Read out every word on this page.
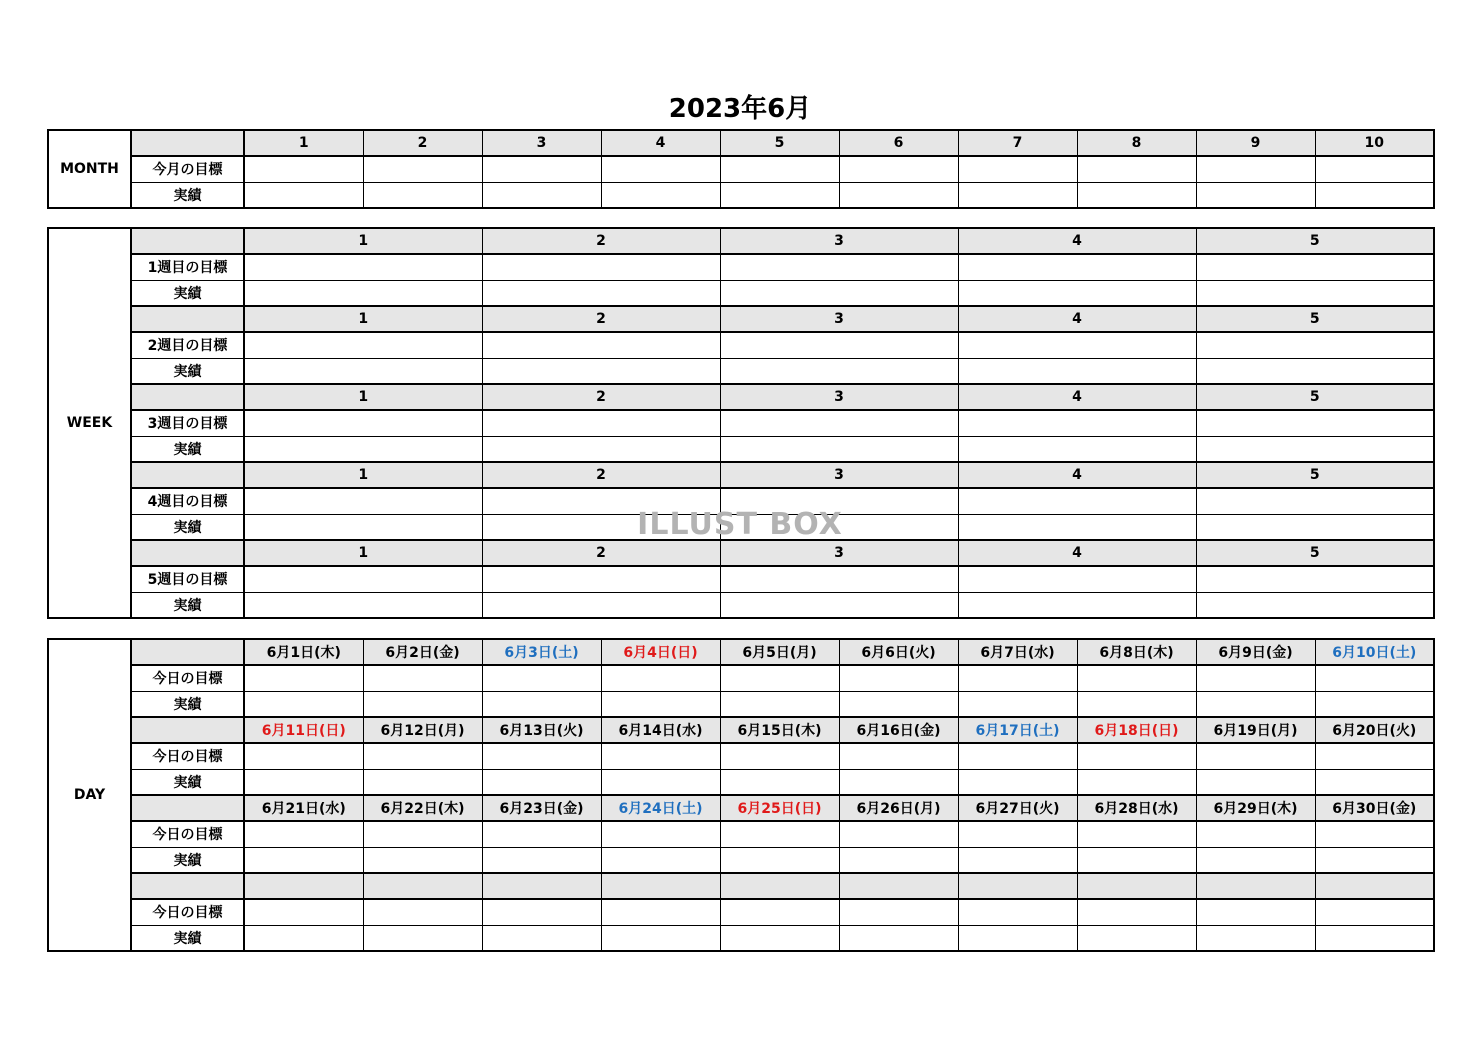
2023年6月
MONTH		1	2	3	4	5	6	7	8	9	10
	今月の目標										
	実績										
WEEK		1	2	3	4	5
	1週目の目標					
	実績					
		1	2	3	4	5
	2週目の目標					
	実績					
		1	2	3	4	5
	3週目の目標					
	実績					
		1	2	3	4	5
	4週目の目標					
	実績					
		1	2	3	4	5
	5週目の目標					
	実績					
DAY		6月1日(木)	6月2日(金)	6月3日(土)	6月4日(日)	6月5日(月)	6月6日(火)	6月7日(水)	6月8日(木)	6月9日(金)	6月10日(土)
	今日の目標										
	実績										
		6月11日(日)	6月12日(月)	6月13日(火)	6月14日(水)	6月15日(木)	6月16日(金)	6月17日(土)	6月18日(日)	6月19日(月)	6月20日(火)
	今日の目標										
	実績										
		6月21日(水)	6月22日(木)	6月23日(金)	6月24日(土)	6月25日(日)	6月26日(月)	6月27日(火)	6月28日(水)	6月29日(木)	6月30日(金)
	今日の目標										
	実績										

	今日の目標										
	実績										
ILLUST BOX
